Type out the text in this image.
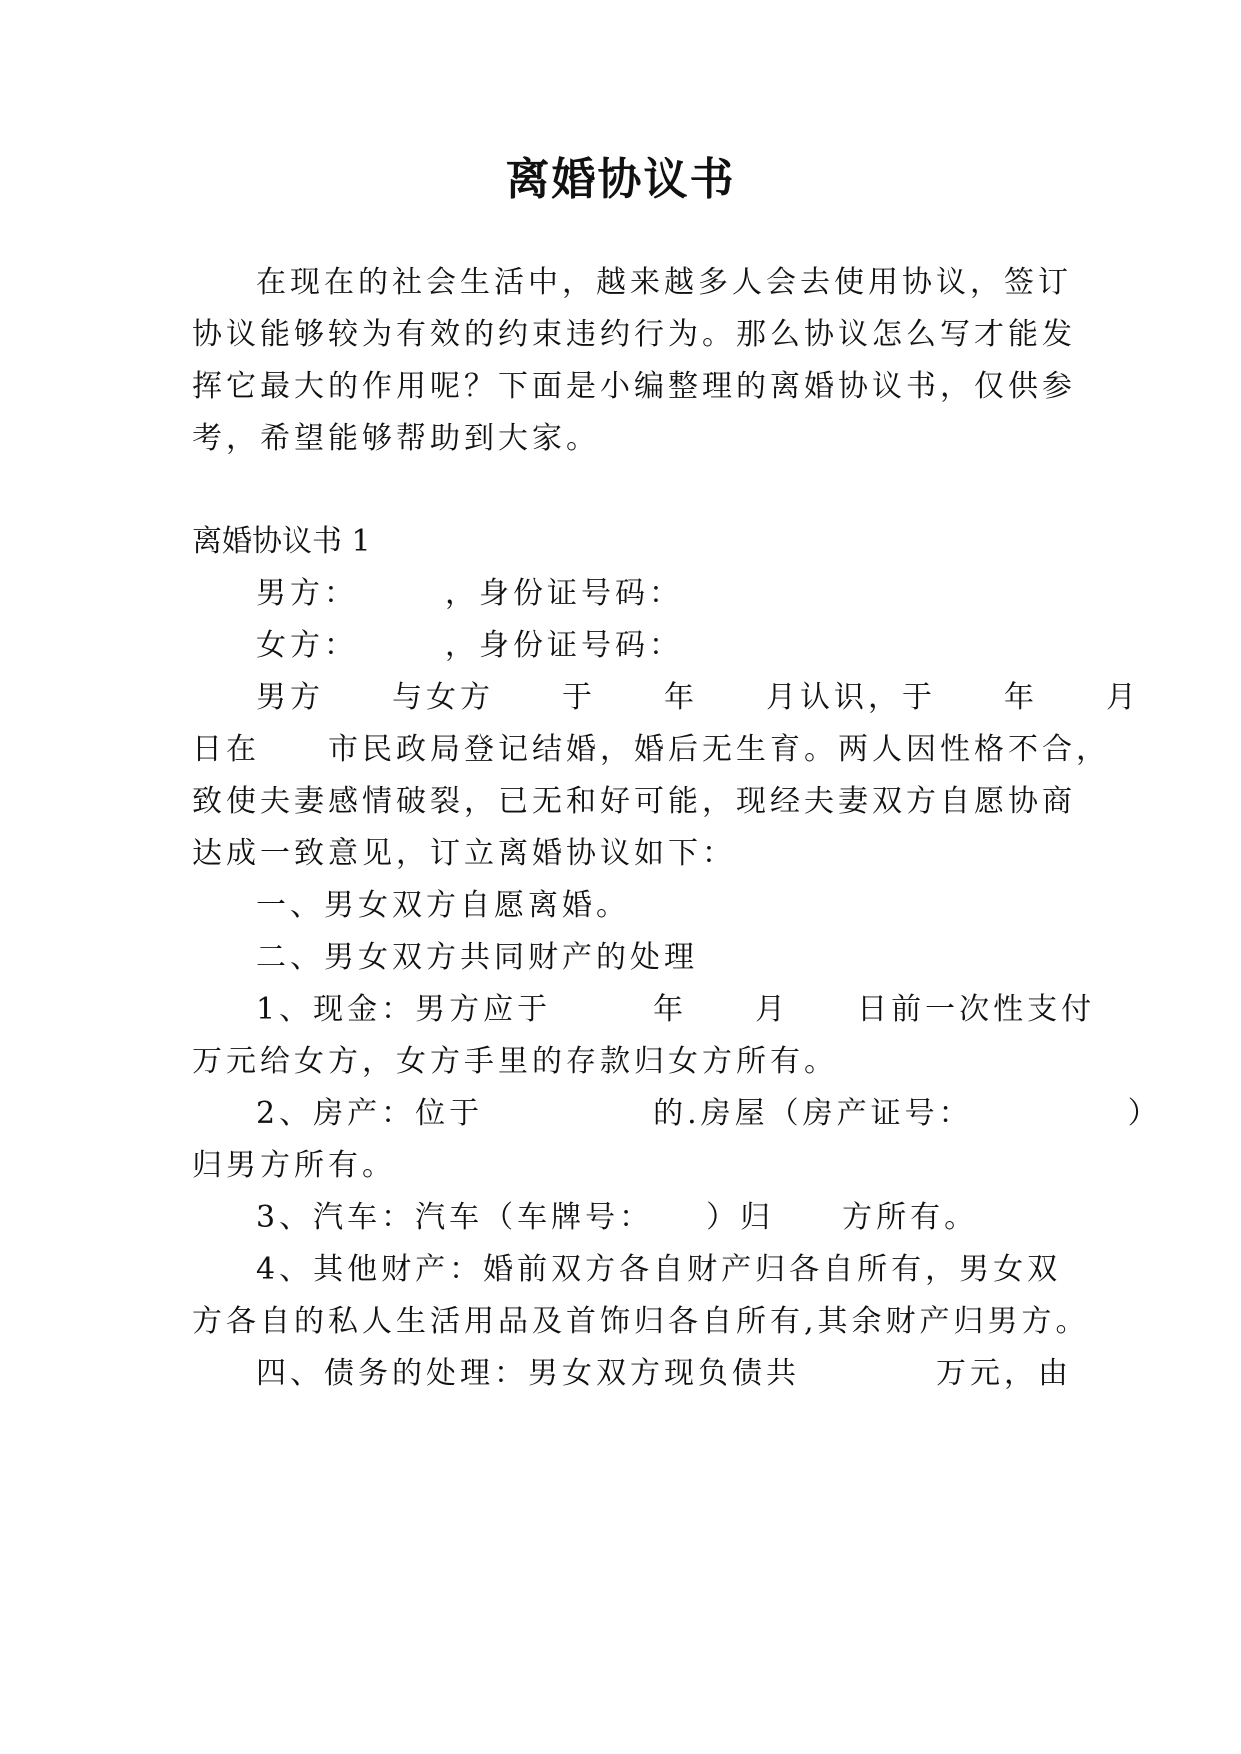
离婚协议书
在现在的社会生活中，越来越多人会去使用协议，签订
协议能够较为有效的约束违约行为。那么协议怎么写才能发
挥它最大的作用呢？下面是小编整理的离婚协议书，仅供参
考，希望能够帮助到大家。
离婚协议书 1
男方：　　　，身份证号码：
女方：　　　，身份证号码：
男方　　与女方　　于　　年　　月认识，于　　年　　月
日在　　市民政局登记结婚，婚后无生育。两人因性格不合，
致使夫妻感情破裂，已无和好可能，现经夫妻双方自愿协商
达成一致意见，订立离婚协议如下：
一、男女双方自愿离婚。
二、男女双方共同财产的处理
1、现金：男方应于　　　年　　月　　日前一次性支付
万元给女方，女方手里的存款归女方所有。
2、房产：位于　　　　　的.房屋（房产证号：　　　　　）
归男方所有。
3、汽车：汽车（车牌号：　　）归　　方所有。
4、其他财产：婚前双方各自财产归各自所有，男女双
方各自的私人生活用品及首饰归各自所有,其余财产归男方。
四、债务的处理：男女双方现负债共　　　　万元，由
